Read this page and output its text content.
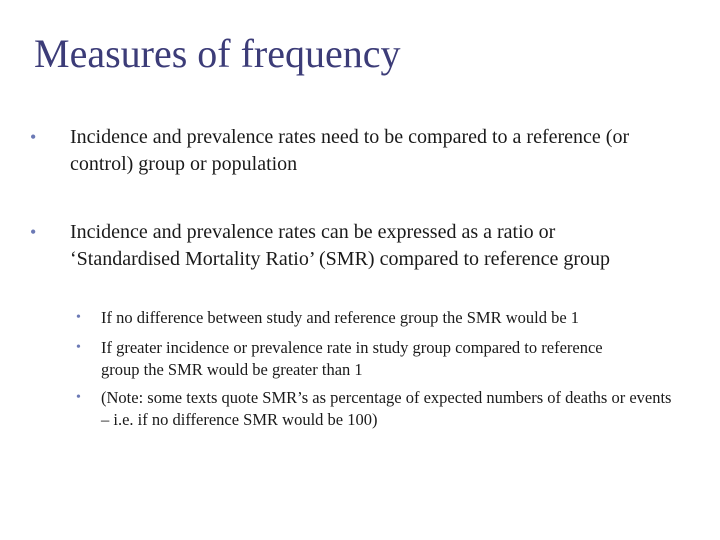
Measures of frequency
• Incidence and prevalence rates need to be compared to a reference (or control) group or population
• Incidence and prevalence rates can be expressed as a ratio or ‘Standardised Mortality Ratio’ (SMR) compared to reference group
• If no difference between study and reference group the SMR would be 1
• If greater incidence or prevalence rate in study group compared to reference group the SMR would be greater than 1
• (Note: some texts quote SMR’s as percentage of expected numbers of deaths or events – i.e. if no difference SMR would be 100)
